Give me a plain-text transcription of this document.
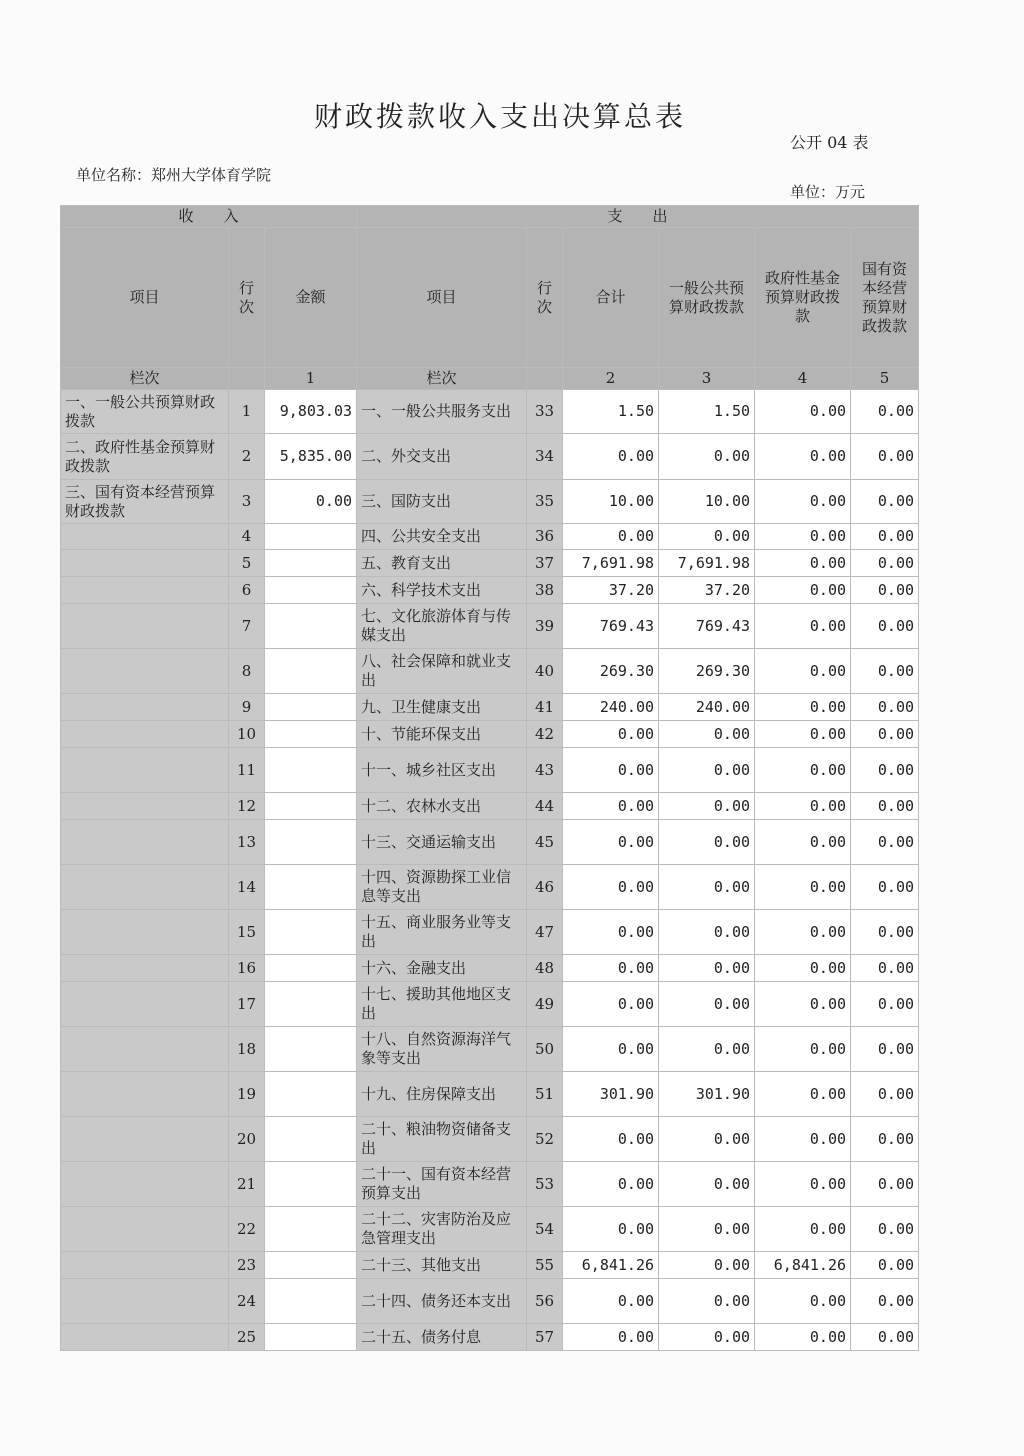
财政拨款收入支出决算总表
公开 04 表
单位名称：郑州大学体育学院
单位：万元
收　　入			支　　出					
项目	行次	金额	项目	行次	合计	一般公共预算财政拨款	政府性基金预算财政拨款	国有资本经营预算财政拨款
栏次		1	栏次		2	3	4	5
一、一般公共预算财政拨款	1	9,803.03	一、一般公共服务支出	33	1.50	1.50	0.00	0.00
二、政府性基金预算财政拨款	2	5,835.00	二、外交支出	34	0.00	0.00	0.00	0.00
三、国有资本经营预算财政拨款	3	0.00	三、国防支出	35	10.00	10.00	0.00	0.00
	4		四、公共安全支出	36	0.00	0.00	0.00	0.00
	5		五、教育支出	37	7,691.98	7,691.98	0.00	0.00
	6		六、科学技术支出	38	37.20	37.20	0.00	0.00
	7		七、文化旅游体育与传媒支出	39	769.43	769.43	0.00	0.00
	8		八、社会保障和就业支出	40	269.30	269.30	0.00	0.00
	9		九、卫生健康支出	41	240.00	240.00	0.00	0.00
	10		十、节能环保支出	42	0.00	0.00	0.00	0.00
	11		十一、城乡社区支出	43	0.00	0.00	0.00	0.00
	12		十二、农林水支出	44	0.00	0.00	0.00	0.00
	13		十三、交通运输支出	45	0.00	0.00	0.00	0.00
	14		十四、资源勘探工业信息等支出	46	0.00	0.00	0.00	0.00
	15		十五、商业服务业等支出	47	0.00	0.00	0.00	0.00
	16		十六、金融支出	48	0.00	0.00	0.00	0.00
	17		十七、援助其他地区支出	49	0.00	0.00	0.00	0.00
	18		十八、自然资源海洋气象等支出	50	0.00	0.00	0.00	0.00
	19		十九、住房保障支出	51	301.90	301.90	0.00	0.00
	20		二十、粮油物资储备支出	52	0.00	0.00	0.00	0.00
	21		二十一、国有资本经营预算支出	53	0.00	0.00	0.00	0.00
	22		二十二、灾害防治及应急管理支出	54	0.00	0.00	0.00	0.00
	23		二十三、其他支出	55	6,841.26	0.00	6,841.26	0.00
	24		二十四、债务还本支出	56	0.00	0.00	0.00	0.00
	25		二十五、债务付息	57	0.00	0.00	0.00	0.00
